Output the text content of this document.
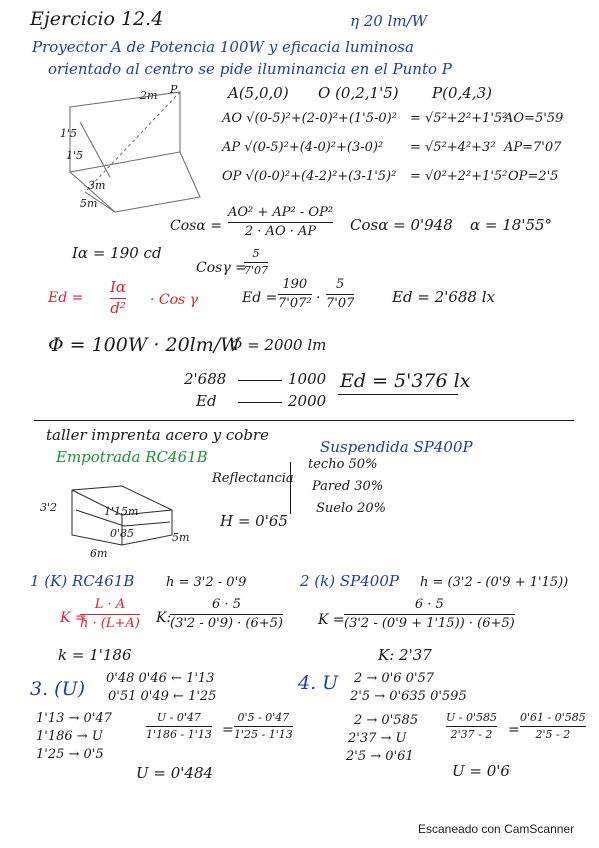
Ejercicio 12.4
Proyector A de Potencia 100W y eficacia luminosa
η 20 lm/W
orientado al centro se pide iluminancia en el Punto P
2m P
1'5
1'5
3m
5m
A(5,0,0) O (0,2,1'5) P(0,4,3)
AO √(0-5)²+(2-0)²+(1'5-0)² = √5²+2²+1'5²
AO=5'59
AP √(0-5)²+(4-0)²+(3-0)² = √5²+4²+3² AP=7'07
OP √(0-0)²+(4-2)²+(3-1'5)² = √0²+2²+1'5² OP=2'5
Cosα =
AO² + AP² - OP²
2 · AO · AP Cosα = 0'948 α = 18'55°
Iα = 190 cd
Cosγ =
5
7'07
Ed =
Iα
d² · Cos γ	Ed =
190
7'07² ·
5
7'07	Ed = 2'688 lx
Φ = 100W · 20lm/W
Φ = 2000 lm
2'688	1000
Ed	2000
Ed = 5'376 lx
taller imprenta acero y cobre
Empotrada RC461B
Suspendida SP400P
Reflectancia
techo 50%
Pared 30%
Suelo 20%
H = 0'65
3'2	1'15m
0'85
6m
5m
1 (K) RC461B h = 3'2 - 0'9
K =
L · A
h · (L+A) K:
6 · 5
(3'2 - 0'9) · (6+5)
k = 1'186
2 (k) SP400P h = (3'2 - (0'9 + 1'15))
K =
6 · 5
(3'2 - (0'9 + 1'15)) · (6+5)
K: 2'37
3. (U) 0'48 0'46 ← 1'13
0'51 0'49 ← 1'25
1'13 → 0'47
1'186 → U
1'25 → 0'5
U - 0'47
1'186 - 1'13 =
0'5 - 0'47
1'25 - 1'13
U = 0'484
4. U 2 → 0'6 0'57
2'5 → 0'635 0'595
2 → 0'585
2'37 → U
2'5 → 0'61
U - 0'585
2'37 - 2 =
0'61 - 0'585
2'5 - 2
U = 0'6
Escaneado con CamScanner
